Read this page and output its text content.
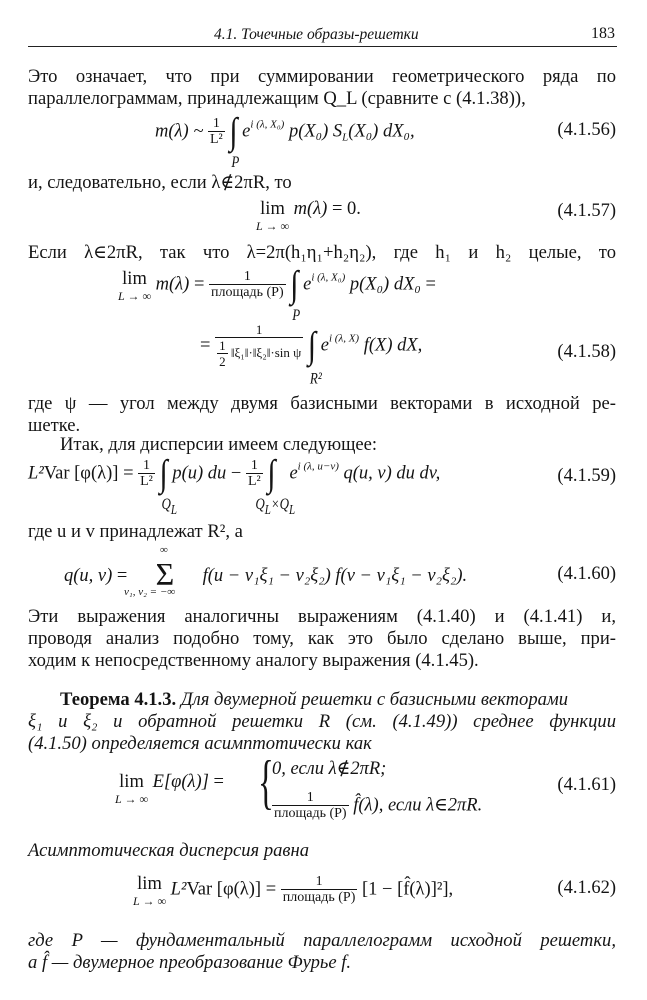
4.1. Точечные образы-решетки	183
Это означает, что при суммировании геометрического ряда по
параллелограммам, принадлежащим Q_L (сравните с (4.1.38)),
m(λ) ~ $\frac{1}{\text{L²}}$ ∫
P
$e^{i (\lambda, X_0)}$ p(X₀) $S_L(X_0)$ dX₀,	(4.1.56)
и, следовательно, если λ∉2πR, то
lim
L → ∞
m(λ) = 0.	(4.1.57)
Если λ∈2πR, так что λ=2π(h₁η₁+h₂η₂), где h₁ и h₂ целые, то
lim
L → ∞
$m(\lambda) = \frac{1}{\text{площадь (P)}}$ ∫
P
$e^{i (\lambda, X_0)}$ p(X₀) dX₀ =
= $\frac{1}{\frac{1}{2} ‖\xi_1‖\cdot‖\xi_2‖\cdot\sin \psi}$ ∫
R²
$e^{i (\lambda, X)}$ f(X) dX,	(4.1.58)
где ψ — угол между двумя базисными векторами в исходной ре-
шетке.
Итак, для дисперсии имеем следующее:
L²Var $[\varphi(\lambda)] = \frac{1}{\text{L²}}$ ∫
$Q_L$
p(u) du − $\frac{1}{\text{L²}}$ ∫
$Q_L\times Q_L$
$e^{i (\lambda, u-v)}$ q(u, v) du dv,	(4.1.59)
где u и v принадлежат R², а
q(u, v) =
∞
Σ
ν₁, ν₂ = −∞
f(u − ν₁ξ₁ − ν₂ξ₂) f(v − ν₁ξ₁ − ν₂ξ₂).	(4.1.60)
Эти выражения аналогичны выражениям (4.1.40) и (4.1.41) и,
проводя анализ подобно тому, как это было сделано выше, при-
ходим к непосредственному аналогу выражения (4.1.45).
Теорема 4.1.3. Для двумерной решетки с базисными векторами
ξ₁ и ξ₂ и обратной решетки R (см. (4.1.49)) среднее функции
(4.1.50) определяется асимптотически как
lim
L → ∞
E[φ(λ)] = {
0, если λ∉2πR;
$\frac{1}{\text{площадь (P)}}$ f̂(λ), если λ∈2πR.
(4.1.61)
Асимптотическая дисперсия равна
lim
L → ∞
L²Var $[\varphi(\lambda)] = \frac{1}{\text{площадь (P)}} [1$ − [f̂(λ)]²],	(4.1.62)
где P — фундаментальный параллелограмм исходной решетки,
a f̂ — двумерное преобразование Фурье f.
